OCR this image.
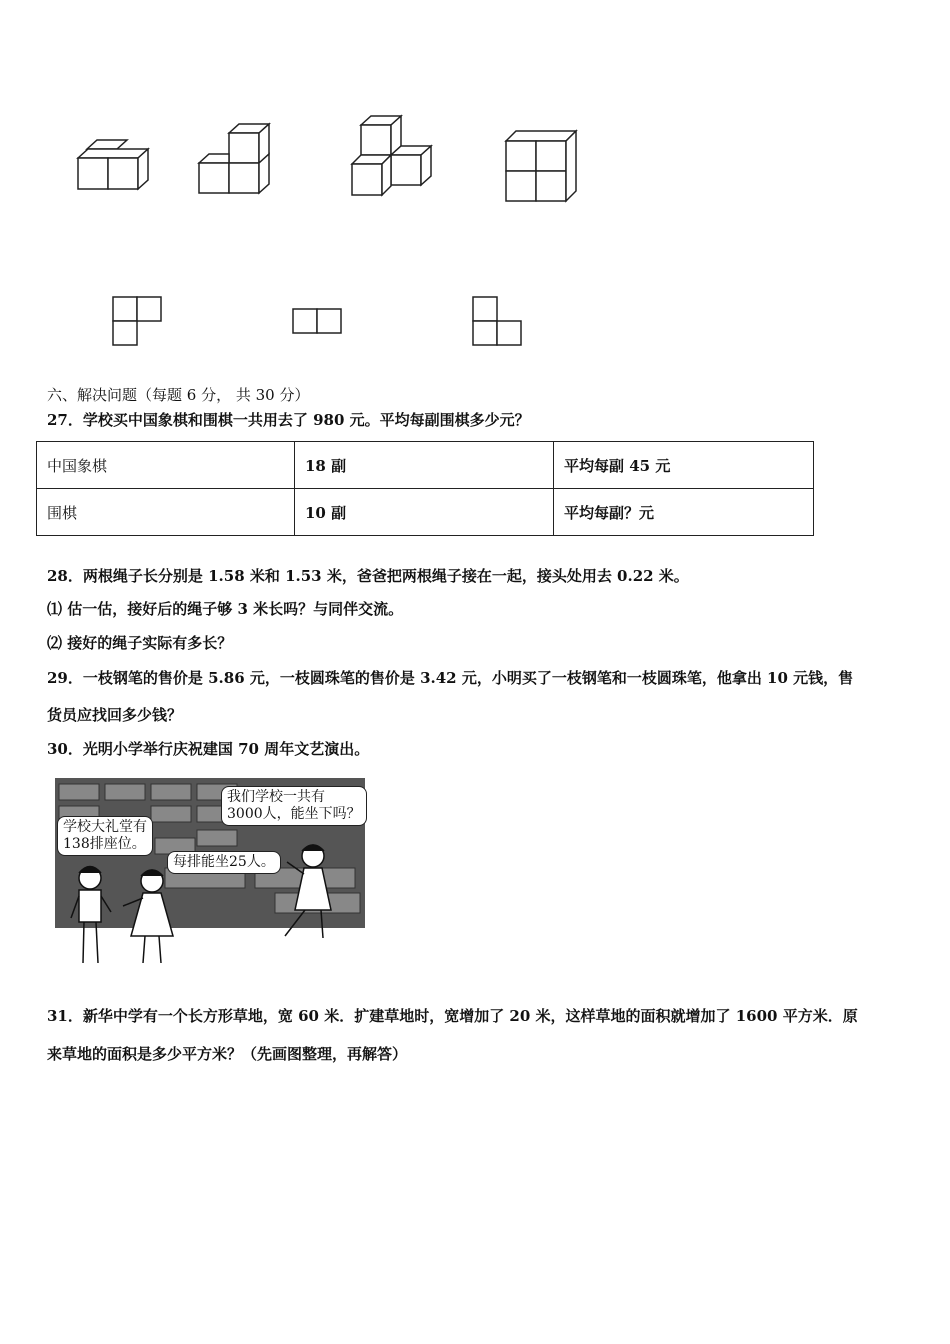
六、解决问题（每题 6 分， 共 30 分）
27．学校买中国象棋和围棋一共用去了 980 元。平均每副围棋多少元？
中国象棋	18 副	平均每副 45 元
围棋	10 副	平均每副？元
28．两根绳子长分别是 1.58 米和 1.53 米，爸爸把两根绳子接在一起，接头处用去 0.22 米。
⑴ 估一估，接好后的绳子够 3 米长吗？与同伴交流。
⑵ 接好的绳子实际有多长？
29．一枝钢笔的售价是 5.86 元，一枝圆珠笔的售价是 3.42 元，小明买了一枝钢笔和一枝圆珠笔，他拿出 10 元钱，售
货员应找回多少钱？
30．光明小学举行庆祝建国 70 周年文艺演出。
学校大礼堂有
138排座位。
每排能坐25人。
我们学校一共有
3000人，能坐下吗？
31．新华中学有一个长方形草地，宽 60 米．扩建草地时，宽增加了 20 米，这样草地的面积就增加了 1600 平方米．原
来草地的面积是多少平方米？（先画图整理，再解答）
